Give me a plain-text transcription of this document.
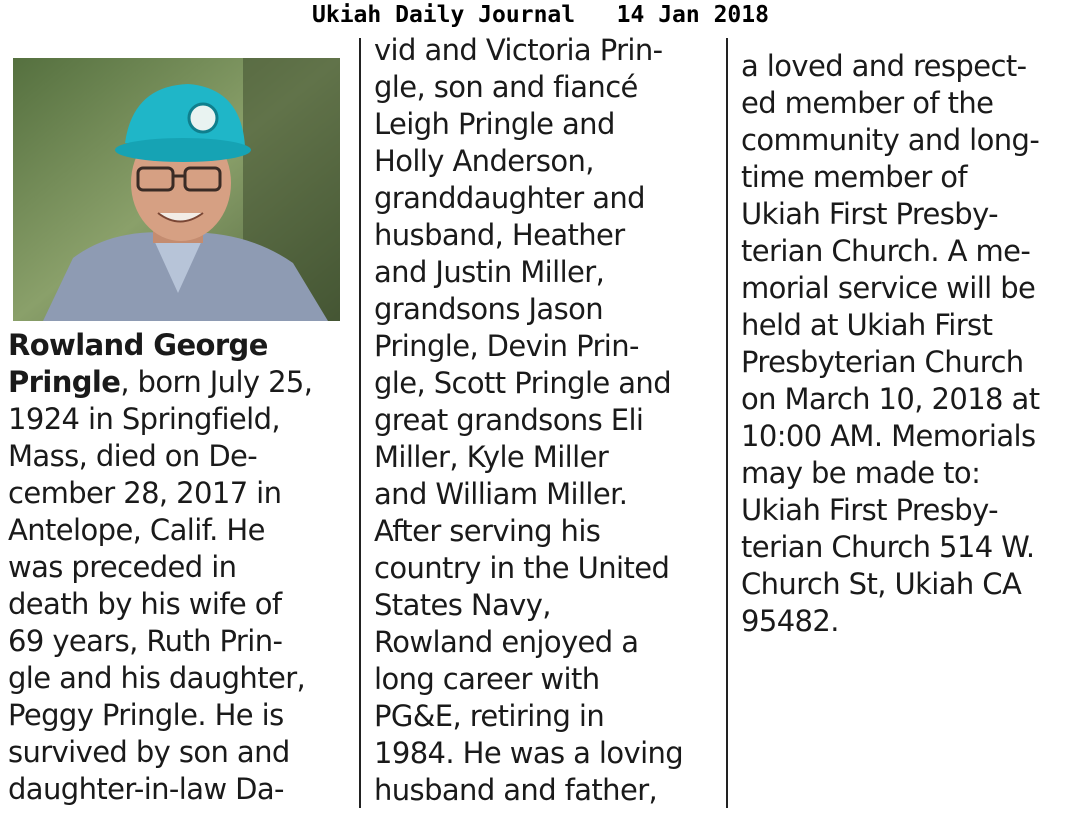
Ukiah Daily Journal   14 Jan 2018
Rowland George
Pringle, born July 25,
1924 in Springfield,
Mass, died on De-
cember 28, 2017 in
Antelope, Calif. He
was preceded in
death by his wife of
69 years, Ruth Prin-
gle and his daughter,
Peggy Pringle. He is
survived by son and
daughter-in-law Da-
vid and Victoria Prin-
gle, son and fiancé
Leigh Pringle and
Holly Anderson,
granddaughter and
husband, Heather
and Justin Miller,
grandsons Jason
Pringle, Devin Prin-
gle, Scott Pringle and
great grandsons Eli
Miller, Kyle Miller
and William Miller.
After serving his
country in the United
States Navy,
Rowland enjoyed a
long career with
PG&E, retiring in
1984. He was a loving
husband and father,
a loved and respect-
ed member of the
community and long-
time member of
Ukiah First Presby-
terian Church. A me-
morial service will be
held at Ukiah First
Presbyterian Church
on March 10, 2018 at
10:00 AM. Memorials
may be made to:
Ukiah First Presby-
terian Church 514 W.
Church St, Ukiah CA
95482.
